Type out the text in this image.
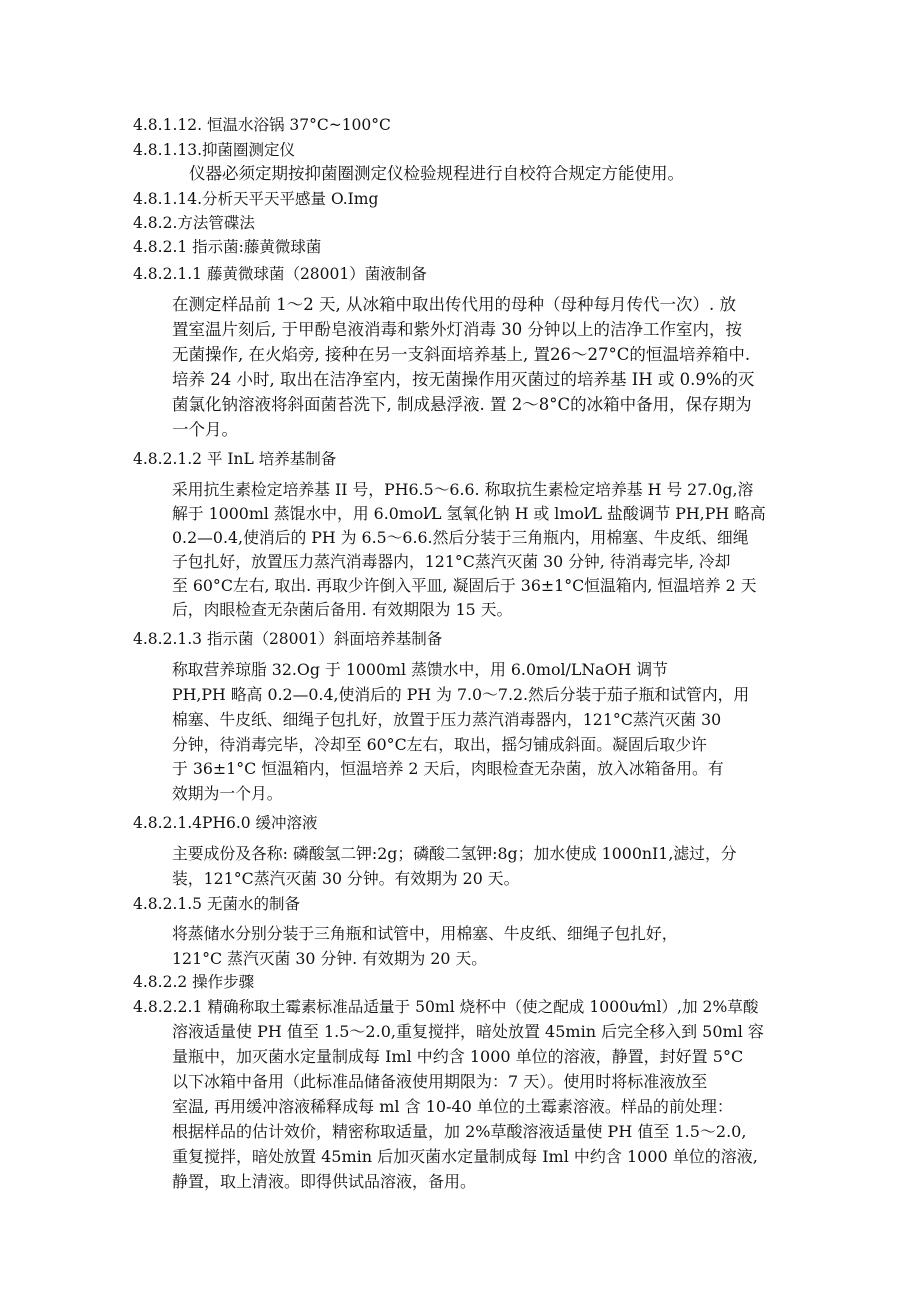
4.8.1.12. 恒温水浴锅 37°C~100°C
4.8.1.13.抑菌圈测定仪
仪器必须定期按抑菌圈测定仪检验规程进行自校符合规定方能使用。
4.8.1.14.分析天平天平感量 O.Img
4.8.2.方法管碟法
4.8.2.1 指示菌:藤黄微球菌
4.8.2.1.1 藤黄微球菌（28001）菌液制备
在测定样品前 1～2 天, 从冰箱中取出传代用的母种（母种每月传代一次）. 放
置室温片刻后, 于甲酚皂液消毒和紫外灯消毒 30 分钟以上的洁净工作室内，按
无菌操作, 在火焰旁, 接种在另一支斜面培养基上, 置26～27°C的恒温培养箱中.
培养 24 小时, 取出在洁净室内，按无菌操作用灭菌过的培养基 IH 或 0.9%的灭
菌氯化钠溶液将斜面菌苔洗下, 制成悬浮液. 置 2～8°C的冰箱中备用，保存期为
一个月。
4.8.2.1.2 平 InL 培养基制备
采用抗生素检定培养基 II 号，PH6.5～6.6. 称取抗生素检定培养基 H 号 27.0g,溶
解于 1000ml 蒸馄水中，用 6.0mol⁄L 氢氧化钠 H 或 lmol⁄L 盐酸调节 PH,PH 略高
0.2—0.4,使消后的 PH 为 6.5～6.6.然后分装于三角瓶内，用棉塞、牛皮纸、细绳
子包扎好，放置压力蒸汽消毒器内，121°C蒸汽灭菌 30 分钟, 待消毒完毕, 冷却
至 60°C左右, 取出. 再取少许倒入平皿, 凝固后于 36±1°C恒温箱内, 恒温培养 2 天
后，肉眼检查无杂菌后备用. 有效期限为 15 天。
4.8.2.1.3 指示菌（28001）斜面培养基制备
称取营养琼脂 32.Og 于 1000ml 蒸馈水中，用 6.0mol/LNaOH 调节
PH,PH 略高 0.2—0.4,使消后的 PH 为 7.0～7.2.然后分装于茄子瓶和试管内，用
棉塞、牛皮纸、细绳子包扎好，放置于压力蒸汽消毒器内，121°C蒸汽灭菌 30
分钟，待消毒完毕，冷却至 60°C左右，取出，摇匀铺成斜面。凝固后取少许
于 36±1°C 恒温箱内，恒温培养 2 天后，肉眼检查无杂菌，放入冰箱备用。有
效期为一个月。
4.8.2.1.4PH6.0 缓冲溶液
主要成份及各称: 磷酸氢二钾:2g；磷酸二氢钾:8g；加水使成 1000nI1,滤过，分
装，121°C蒸汽灭菌 30 分钟。有效期为 20 天。
4.8.2.1.5 无菌水的制备
将蒸储水分别分装于三角瓶和试管中，用棉塞、牛皮纸、细绳子包扎好，
121°C 蒸汽灭菌 30 分钟. 有效期为 20 天。
4.8.2.2 操作步骤
4.8.2.2.1 精确称取土霉素标准品适量于 50ml 烧杯中（使之配成 1000u⁄ml）,加 2%草酸
溶液适量使 PH 值至 1.5～2.0,重复搅拌，暗处放置 45min 后完全移入到 50ml 容
量瓶中，加灭菌水定量制成每 Iml 中约含 1000 单位的溶液，静置，封好置 5°C
以下冰箱中备用（此标准品储备液使用期限为：7 天）。使用时将标准液放至
室温, 再用缓冲溶液稀释成每 ml 含 10-40 单位的土霉素溶液。样品的前处理：
根据样品的估计效价，精密称取适量，加 2%草酸溶液适量使 PH 值至 1.5～2.0,
重复搅拌，暗处放置 45min 后加灭菌水定量制成每 Iml 中约含 1000 单位的溶液,
静置，取上清液。即得供试品溶液，备用。
